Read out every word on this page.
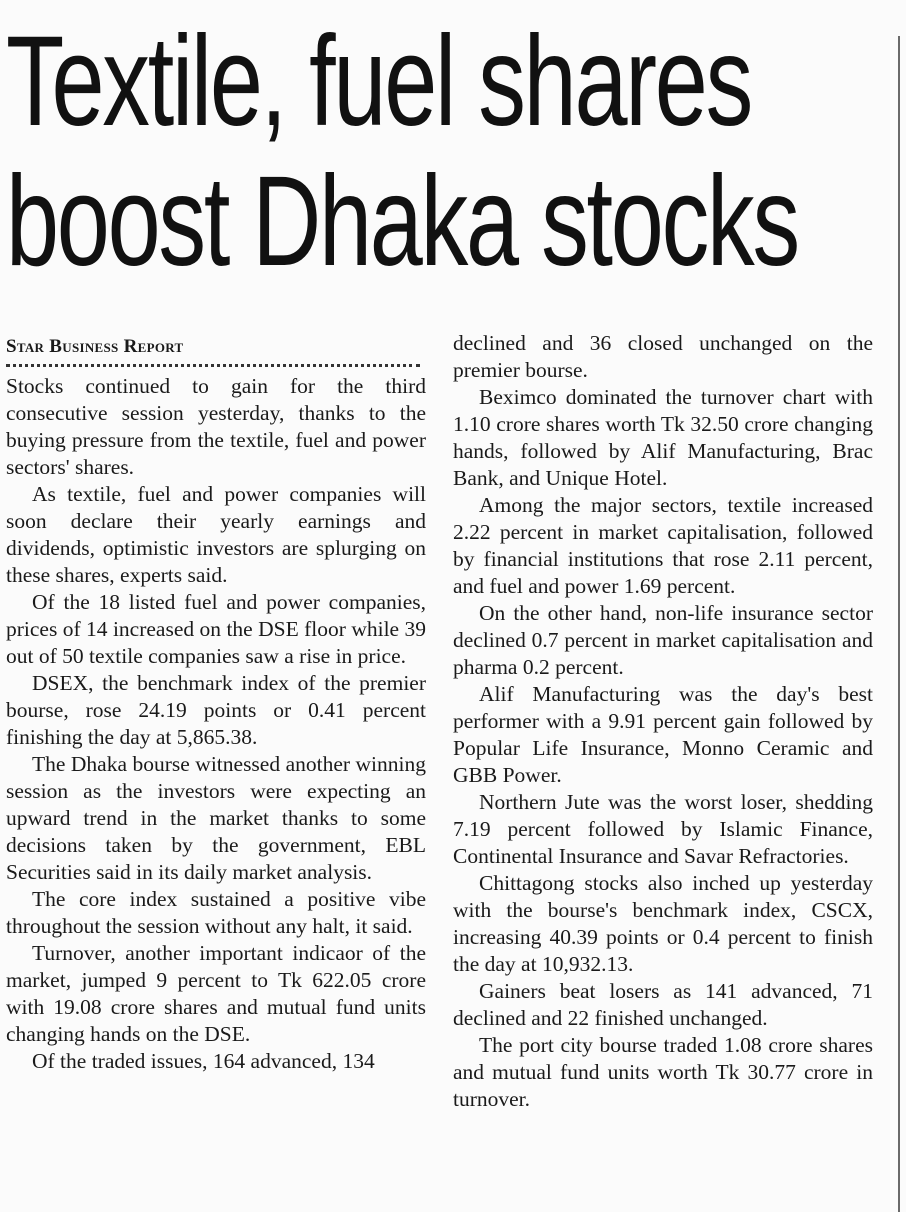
Textile, fuel shares
boost Dhaka stocks
Star Business Report

Stocks continued to gain for the third consecutive session yesterday, thanks to the buying pressure from the textile, fuel and power sectors' shares.

As textile, fuel and power companies will soon declare their yearly earnings and dividends, optimistic investors are splurging on these shares, experts said.

Of the 18 listed fuel and power companies, prices of 14 increased on the DSE floor while 39 out of 50 textile companies saw a rise in price.

DSEX, the benchmark index of the premier bourse, rose 24.19 points or 0.41 percent finishing the day at 5,865.38.

The Dhaka bourse witnessed another winning session as the investors were expecting an upward trend in the market thanks to some decisions taken by the government, EBL Securities said in its daily market analysis.

The core index sustained a positive vibe throughout the session without any halt, it said.

Turnover, another important indicaor of the market, jumped 9 percent to Tk 622.05 crore with 19.08 crore shares and mutual fund units changing hands on the DSE.

Of the traded issues, 164 advanced, 134

declined and 36 closed unchanged on the premier bourse.

Beximco dominated the turnover chart with 1.10 crore shares worth Tk 32.50 crore changing hands, followed by Alif Manufacturing, Brac Bank, and Unique Hotel.

Among the major sectors, textile increased 2.22 percent in market capitalisation, followed by financial institutions that rose 2.11 percent, and fuel and power 1.69 percent.

On the other hand, non-life insurance sector declined 0.7 percent in market capitalisation and pharma 0.2 percent.

Alif Manufacturing was the day's best performer with a 9.91 percent gain followed by Popular Life Insurance, Monno Ceramic and GBB Power.

Northern Jute was the worst loser, shedding 7.19 percent followed by Islamic Finance, Continental Insurance and Savar Refractories.

Chittagong stocks also inched up yesterday with the bourse's benchmark index, CSCX, increasing 40.39 points or 0.4 percent to finish the day at 10,932.13.

Gainers beat losers as 141 advanced, 71 declined and 22 finished unchanged.

The port city bourse traded 1.08 crore shares and mutual fund units worth Tk 30.77 crore in turnover.
